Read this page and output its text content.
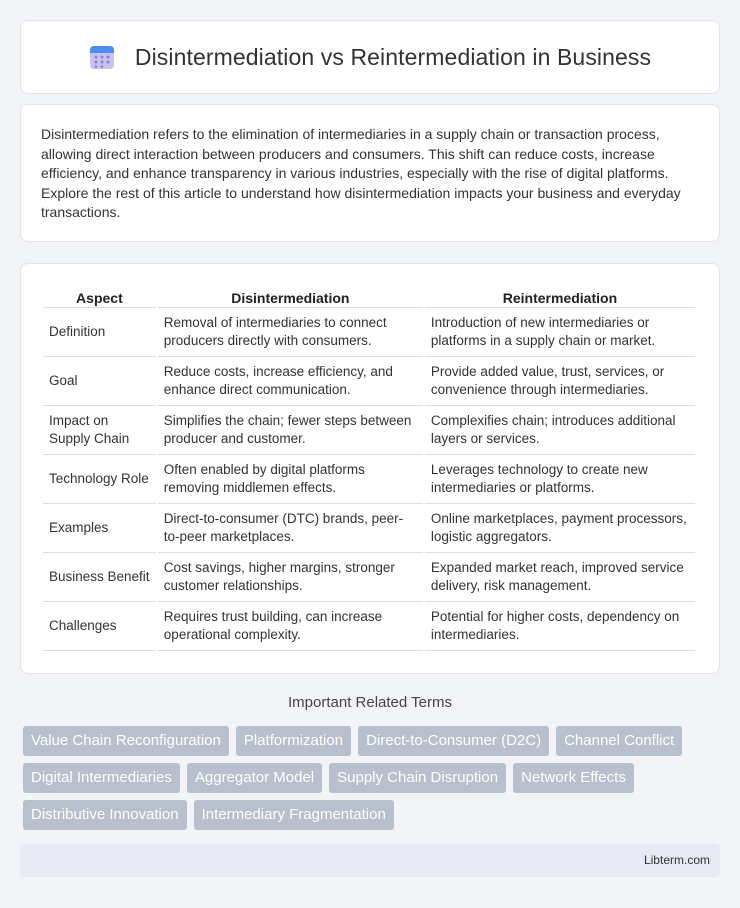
Disintermediation vs Reintermediation in Business

Disintermediation refers to the elimination of intermediaries in a supply chain or transaction process, allowing direct interaction between producers and consumers. This shift can reduce costs, increase efficiency, and enhance transparency in various industries, especially with the rise of digital platforms. Explore the rest of this article to understand how disintermediation impacts your business and everyday transactions.

Aspect	Disintermediation	Reintermediation
Definition	Removal of intermediaries to connect producers directly with consumers.	Introduction of new intermediaries or platforms in a supply chain or market.
Goal	Reduce costs, increase efficiency, and enhance direct communication.	Provide added value, trust, services, or convenience through intermediaries.
Impact on Supply Chain	Simplifies the chain; fewer steps between producer and customer.	Complexifies chain; introduces additional layers or services.
Technology Role	Often enabled by digital platforms removing middlemen effects.	Leverages technology to create new intermediaries or platforms.
Examples	Direct-to-consumer (DTC) brands, peer-to-peer marketplaces.	Online marketplaces, payment processors, logistic aggregators.
Business Benefit	Cost savings, higher margins, stronger customer relationships.	Expanded market reach, improved service delivery, risk management.
Challenges	Requires trust building, can increase operational complexity.	Potential for higher costs, dependency on intermediaries.
Important Related Terms
Value Chain Reconfiguration	Platformization	Direct-to-Consumer (D2C)	Channel Conflict
Digital Intermediaries	Aggregator Model	Supply Chain Disruption	Network Effects
Distributive Innovation	Intermediary Fragmentation
Libterm.com
